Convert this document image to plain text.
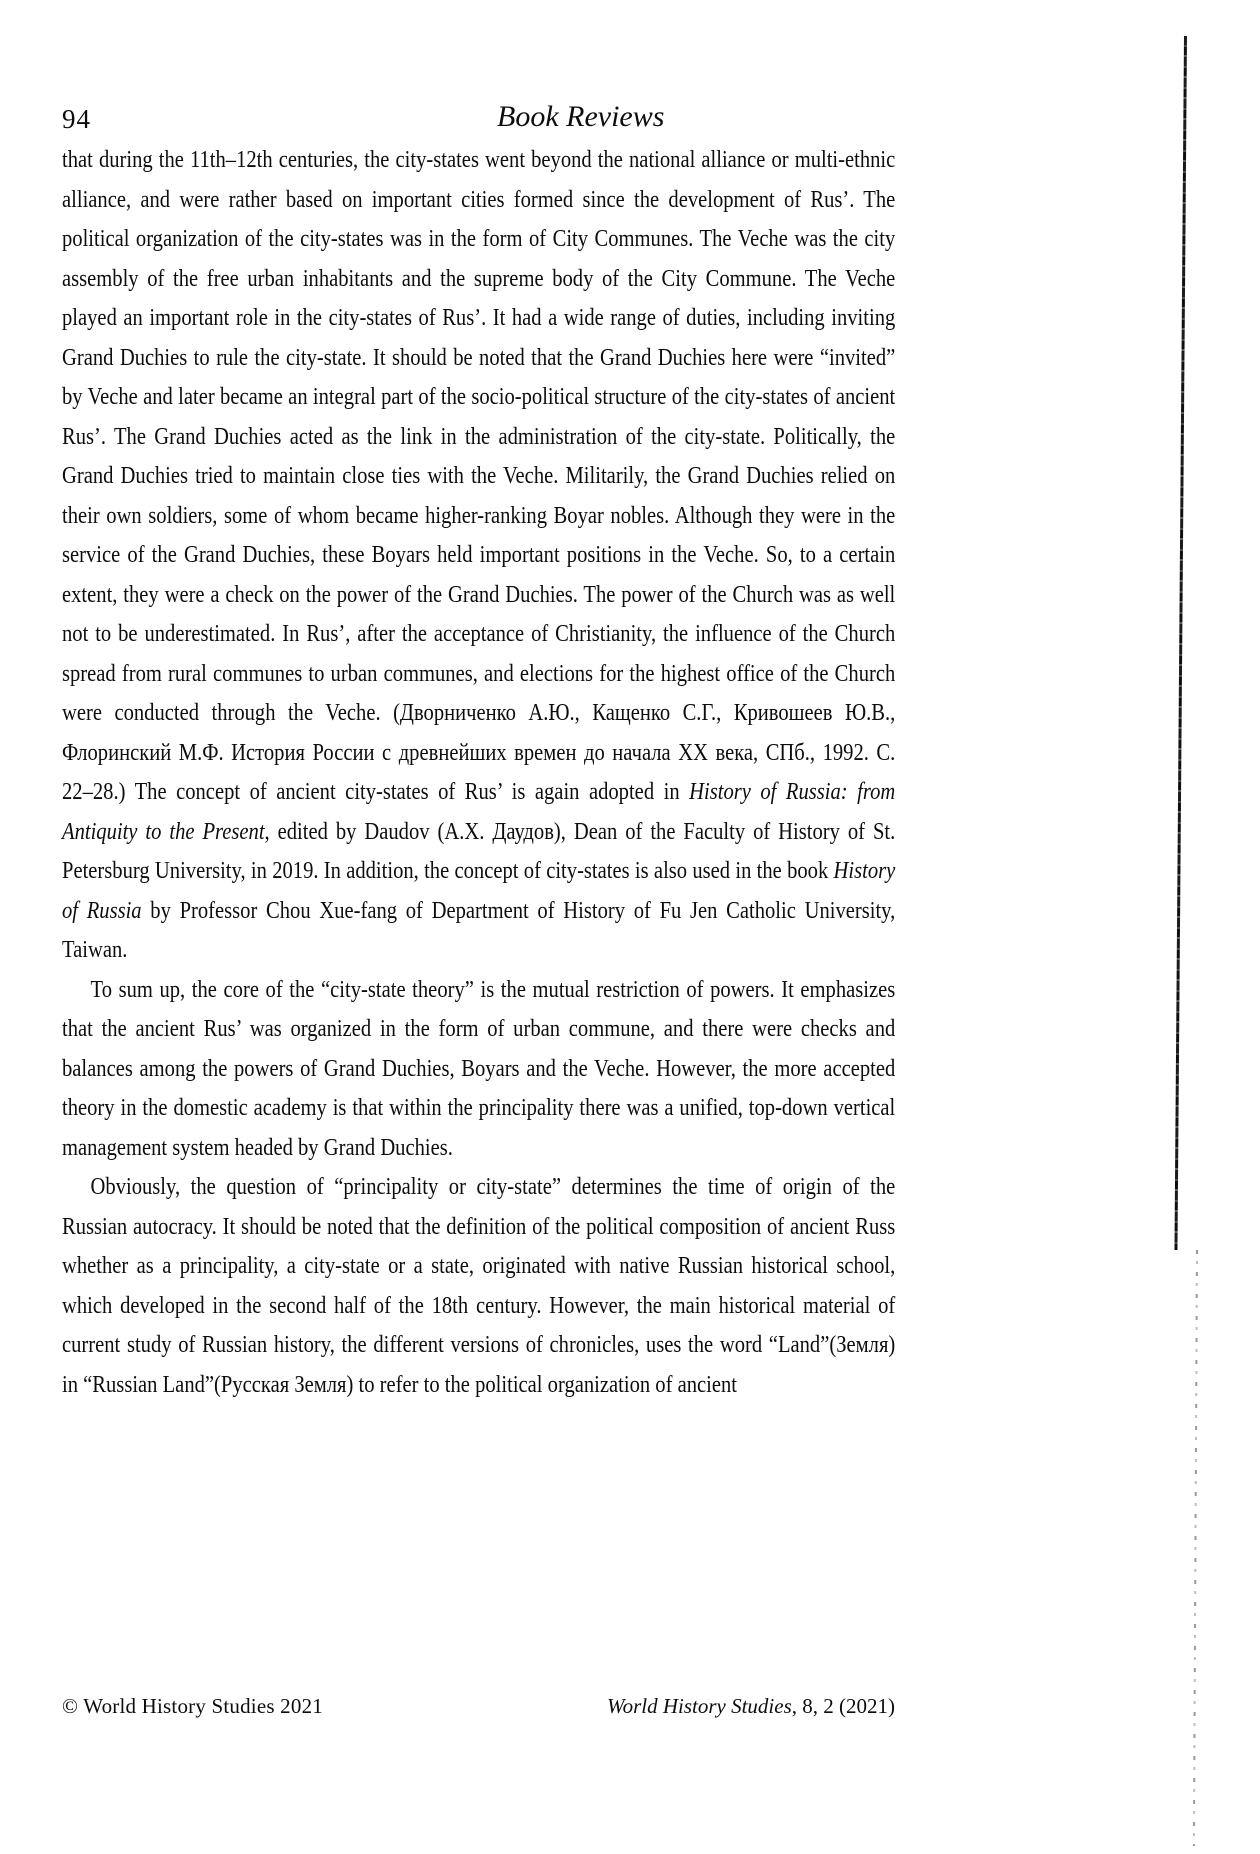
94	Book Reviews

that during the 11th–12th centuries, the city-states went beyond the national alliance or multi-ethnic alliance, and were rather based on important cities formed since the development of Rus’. The political organization of the city-states was in the form of City Communes. The Veche was the city assembly of the free urban inhabitants and the supreme body of the City Commune. The Veche played an important role in the city-states of Rus’. It had a wide range of duties, including inviting Grand Duchies to rule the city-state. It should be noted that the Grand Duchies here were “invited” by Veche and later became an integral part of the socio-political structure of the city-states of ancient Rus’. The Grand Duchies acted as the link in the administration of the city-state. Politically, the Grand Duchies tried to maintain close ties with the Veche. Militarily, the Grand Duchies relied on their own soldiers, some of whom became higher-ranking Boyar nobles. Although they were in the service of the Grand Duchies, these Boyars held important positions in the Veche. So, to a certain extent, they were a check on the power of the Grand Duchies. The power of the Church was as well not to be underestimated. In Rus’, after the acceptance of Christianity, the influence of the Church spread from rural communes to urban communes, and elections for the highest office of the Church were conducted through the Veche. (Дворниченко А.Ю., Кащенко С.Г., Кривошеев Ю.В., Флоринский М.Ф. История России с древнейших времен до начала XX века, СПб., 1992. С. 22–28.) The concept of ancient city-states of Rus’ is again adopted in History of Russia: from Antiquity to the Present, edited by Daudov (А.Х. Даудов), Dean of the Faculty of History of St. Petersburg University, in 2019. In addition, the concept of city-states is also used in the book History of Russia by Professor Chou Xue-fang of Department of History of Fu Jen Catholic University, Taiwan.

To sum up, the core of the “city-state theory” is the mutual restriction of powers. It emphasizes that the ancient Rus’ was organized in the form of urban commune, and there were checks and balances among the powers of Grand Duchies, Boyars and the Veche. However, the more accepted theory in the domestic academy is that within the principality there was a unified, top-down vertical management system headed by Grand Duchies.

Obviously, the question of “principality or city-state” determines the time of origin of the Russian autocracy. It should be noted that the definition of the political composition of ancient Russ whether as a principality, a city-state or a state, originated with native Russian historical school, which developed in the second half of the 18th century. However, the main historical material of current study of Russian history, the different versions of chronicles, uses the word “Land”(Земля) in “Russian Land”(Русская Земля) to refer to the political organization of ancient

© World History Studies 2021	World History Studies, 8, 2 (2021)
